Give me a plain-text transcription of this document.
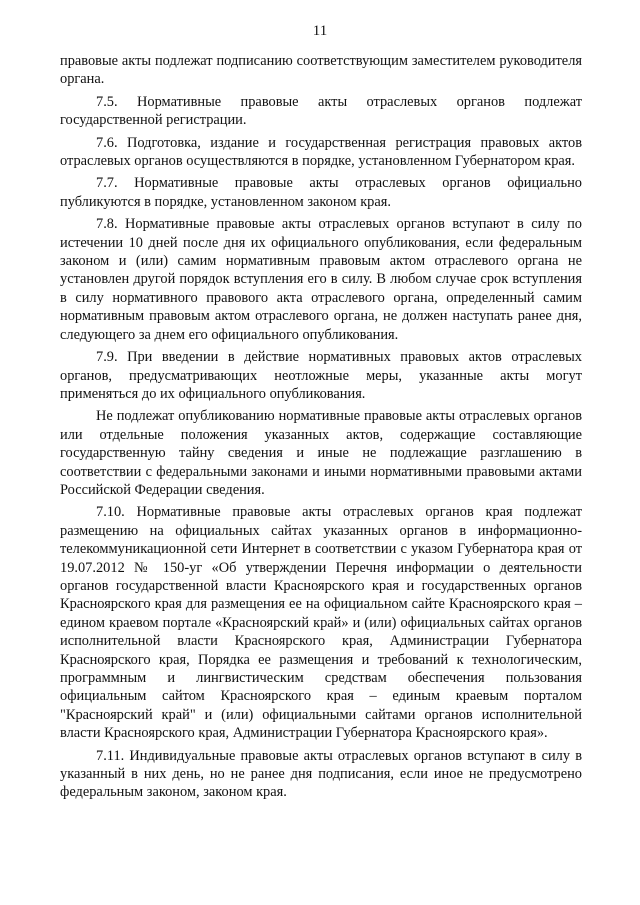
11

правовые акты подлежат подписанию соответствующим заместителем руководителя органа.

7.5. Нормативные правовые акты отраслевых органов подлежат государственной регистрации.

7.6. Подготовка, издание и государственная регистрация правовых актов отраслевых органов осуществляются в порядке, установленном Губернатором края.

7.7. Нормативные правовые акты отраслевых органов официально публикуются в порядке, установленном законом края.

7.8. Нормативные правовые акты отраслевых органов вступают в силу по истечении 10 дней после дня их официального опубликования, если федеральным законом и (или) самим нормативным правовым актом отраслевого органа не установлен другой порядок вступления его в силу. В любом случае срок вступления в силу нормативного правового акта отраслевого органа, определенный самим нормативным правовым актом отраслевого органа, не должен наступать ранее дня, следующего за днем его официального опубликования.

7.9. При введении в действие нормативных правовых актов отраслевых органов, предусматривающих неотложные меры, указанные акты могут применяться до их официального опубликования.

Не подлежат опубликованию нормативные правовые акты отраслевых органов или отдельные положения указанных актов, содержащие составляющие государственную тайну сведения и иные не подлежащие разглашению в соответствии с федеральными законами и иными нормативными правовыми актами Российской Федерации сведения.

7.10. Нормативные правовые акты отраслевых органов края подлежат размещению на официальных сайтах указанных органов в информационно-телекоммуникационной сети Интернет в соответствии с указом Губернатора края от 19.07.2012 № 150-уг «Об утверждении Перечня информации о деятельности органов государственной власти Красноярского края и государственных органов Красноярского края для размещения ее на официальном сайте Красноярского края – едином краевом портале «Красноярский край» и (или) официальных сайтах органов исполнительной власти Красноярского края, Администрации Губернатора Красноярского края, Порядка ее размещения и требований к технологическим, программным и лингвистическим средствам обеспечения пользования официальным сайтом Красноярского края – единым краевым порталом "Красноярский край" и (или) официальными сайтами органов исполнительной власти Красноярского края, Администрации Губернатора Красноярского края».

7.11. Индивидуальные правовые акты отраслевых органов вступают в силу в указанный в них день, но не ранее дня подписания, если иное не предусмотрено федеральным законом, законом края.
